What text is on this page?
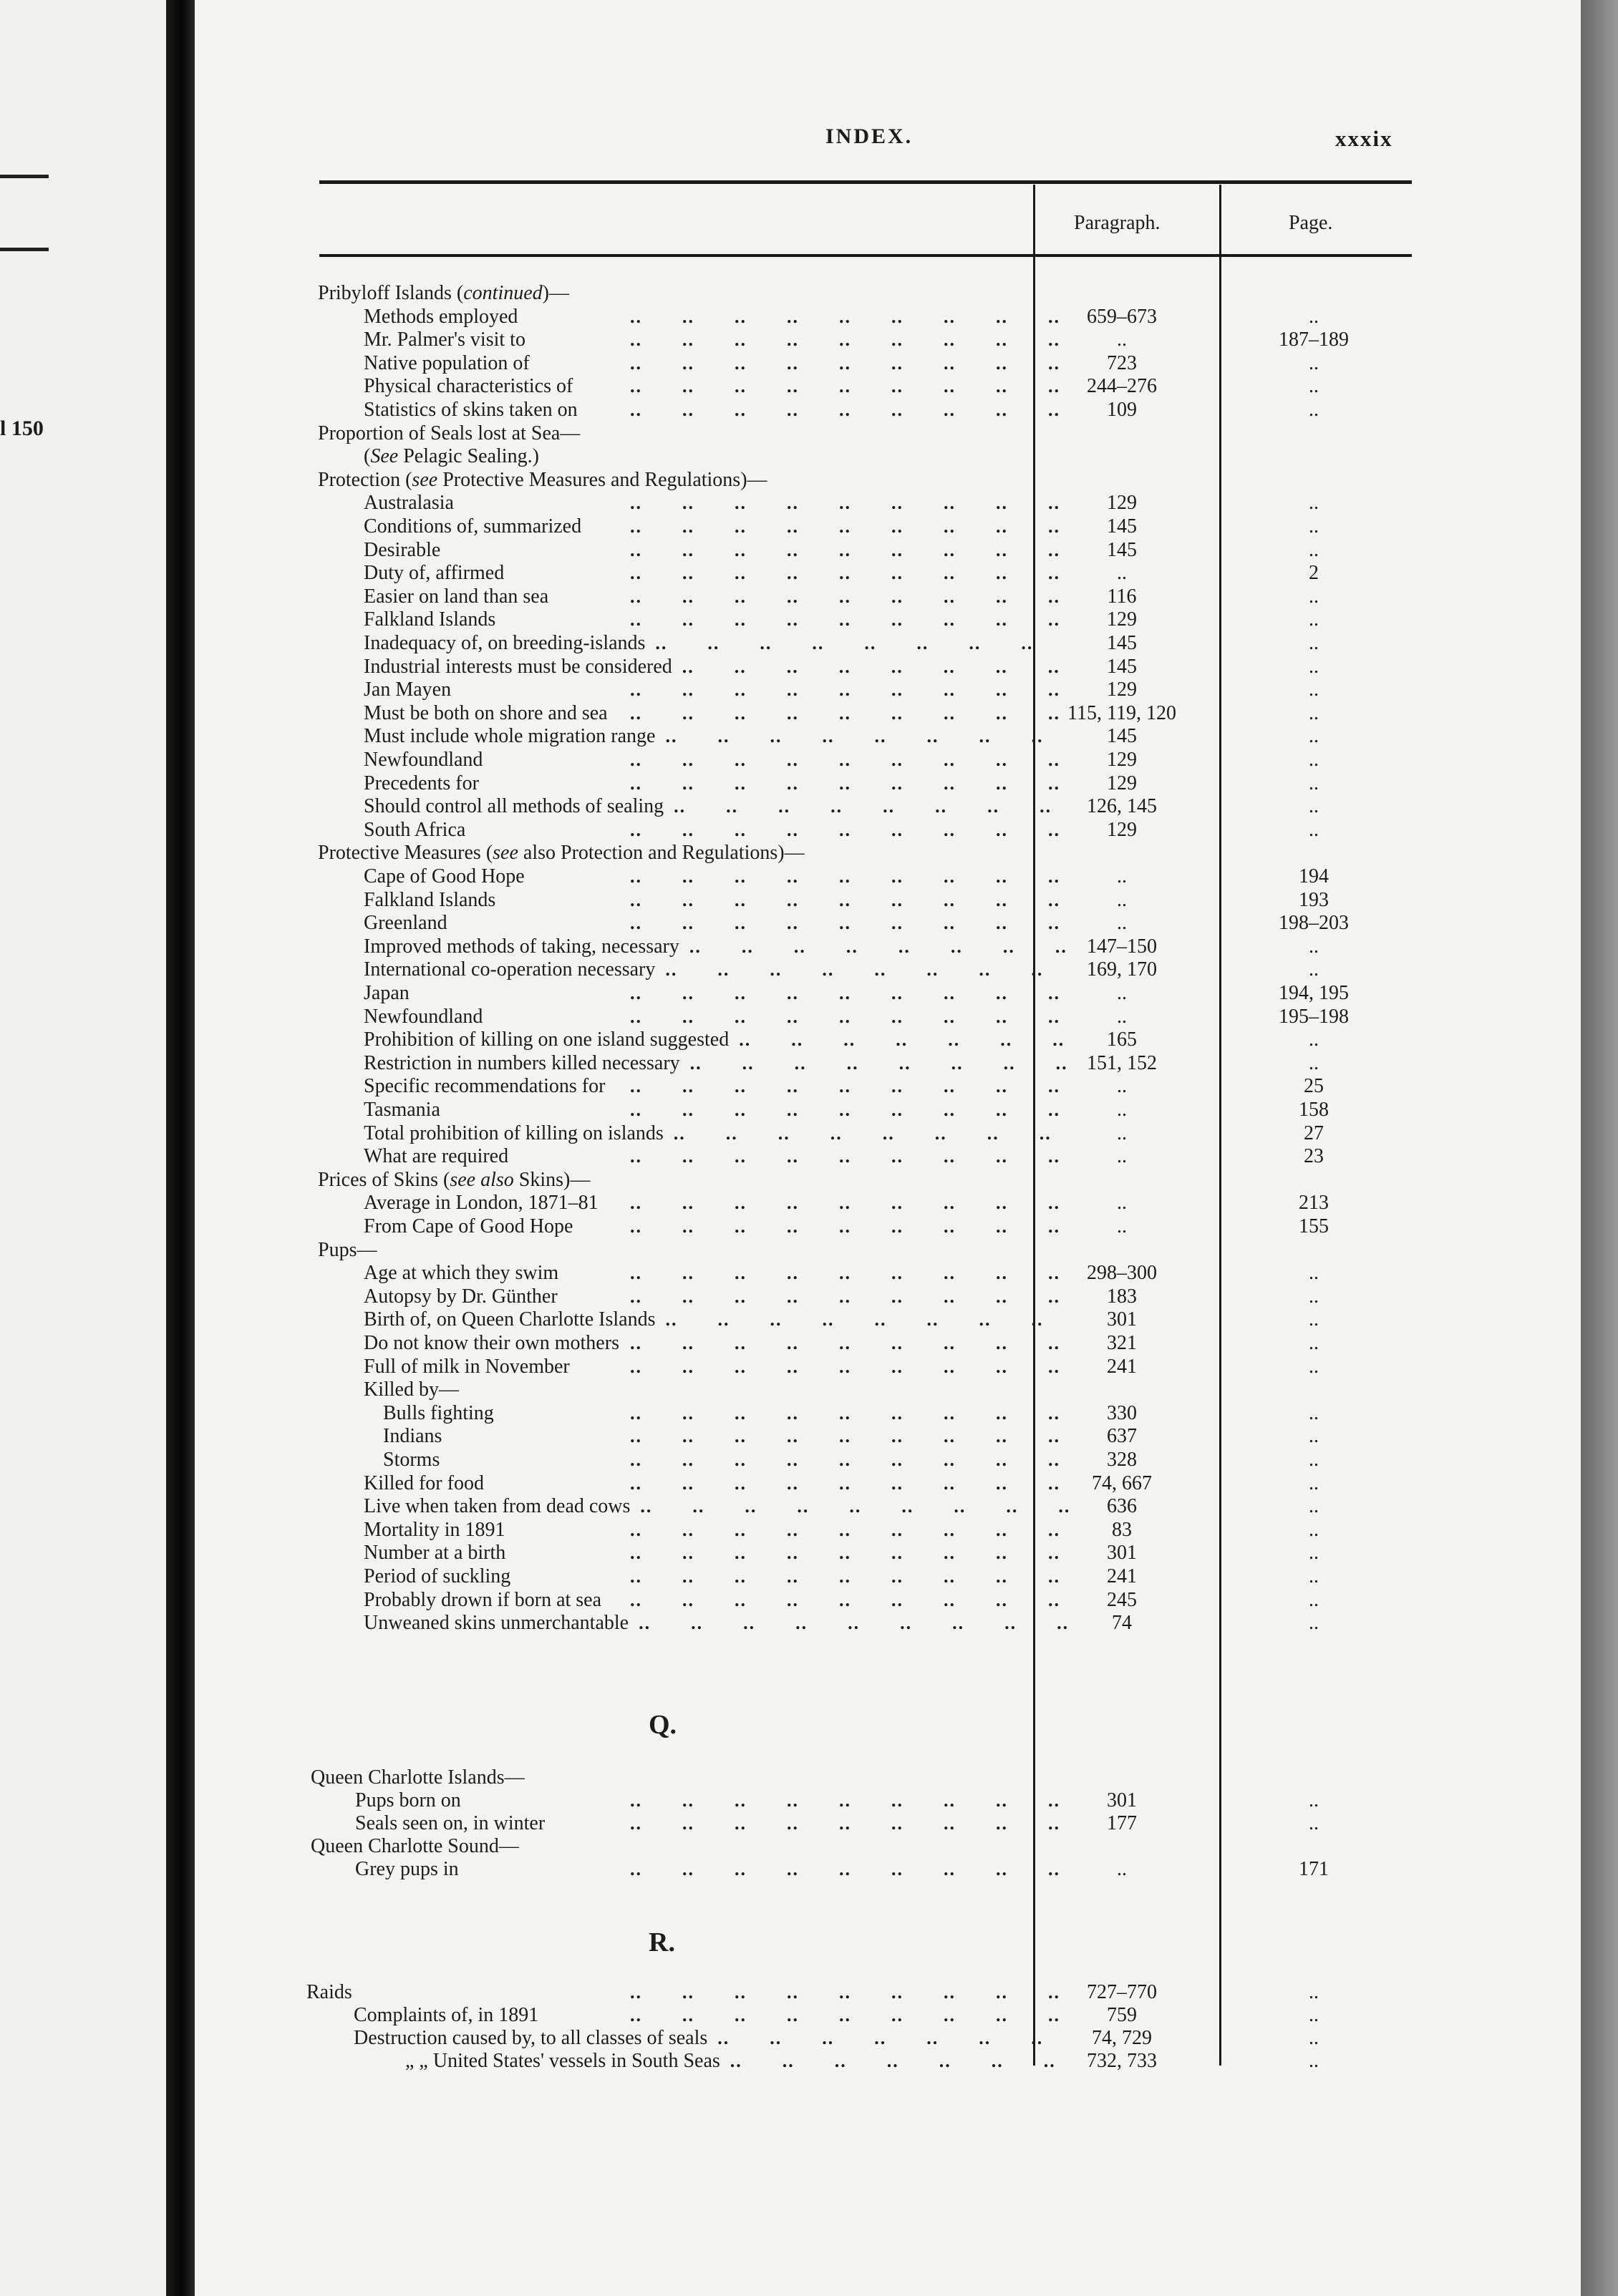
l 150
INDEX.	xxxix
Paragraph.	Page.
Pribyloff Islands (continued)—
Methods employed	..  ..  ..  ..  ..  ..  ..  ..  ..	659–673	..
Mr. Palmer's visit to	..  ..  ..  ..  ..  ..  ..  ..  ..	..	187–189
Native population of	..  ..  ..  ..  ..  ..  ..  ..  ..	723	..
Physical characteristics of	..  ..  ..  ..  ..  ..  ..  ..  ..	244–276	..
Statistics of skins taken on	..  ..  ..  ..  ..  ..  ..  ..  ..	109	..
Proportion of Seals lost at Sea—
(See Pelagic Sealing.)
Protection (see Protective Measures and Regulations)—
Australasia	..  ..  ..  ..  ..  ..  ..  ..  ..	129	..
Conditions of, summarized	..  ..  ..  ..  ..  ..  ..  ..  ..	145	..
Desirable	..  ..  ..  ..  ..  ..  ..  ..  ..	145	..
Duty of, affirmed	..  ..  ..  ..  ..  ..  ..  ..  ..	..	2
Easier on land than sea	..  ..  ..  ..  ..  ..  ..  ..  ..	116	..
Falkland Islands	..  ..  ..  ..  ..  ..  ..  ..  ..	129	..
Inadequacy of, on breeding-islands ..  ..  ..  ..  ..  ..  ..  ..	145	..
Industrial interests must be considered ..  ..  ..  ..  ..  ..  ..  ..	145	..
Jan Mayen	..  ..  ..  ..  ..  ..  ..  ..  ..	129	..
Must be both on shore and sea ..  ..  ..  ..  ..  ..  ..  ..  .. 115, 119, 120	..
Must include whole migration range ..  ..  ..  ..  ..  ..  ..  ..	145	..
Newfoundland	..  ..  ..  ..  ..  ..  ..  ..  ..	129	..
Precedents for	..  ..  ..  ..  ..  ..  ..  ..  ..	129	..
Should control all methods of sealing ..  ..  ..  ..  ..  ..  ..  ..	126, 145	..
South Africa	..  ..  ..  ..  ..  ..  ..  ..  ..	129	..
Protective Measures (see also Protection and Regulations)—
Cape of Good Hope	..  ..  ..  ..  ..  ..  ..  ..  ..	..	194
Falkland Islands	..  ..  ..  ..  ..  ..  ..  ..  ..	..	193
Greenland	..  ..  ..  ..  ..  ..  ..  ..  ..	..	198–203
Improved methods of taking, necessary ..  ..  ..  ..  ..  ..  ..  .. 147–150	..
International co-operation necessary ..  ..  ..  ..  ..  ..  ..  ..	169, 170	..
Japan	..  ..  ..  ..  ..  ..  ..  ..  ..	..	194, 195
Newfoundland	..  ..  ..  ..  ..  ..  ..  ..  ..	..	195–198
Prohibition of killing on one island suggested ..  ..  ..  ..  ..  ..  ..	165	..
Restriction in numbers killed necessary ..  ..  ..  ..  ..  ..  ..  .. 151, 152	..
Specific recommendations for ..  ..  ..  ..  ..  ..  ..  ..  ..	..	25
Tasmania	..  ..  ..  ..  ..  ..  ..  ..  ..	..	158
Total prohibition of killing on islands ..  ..  ..  ..  ..  ..  ..  ..	..	27
What are required	..  ..  ..  ..  ..  ..  ..  ..  ..	..	23
Prices of Skins (see also Skins)—
Average in London, 1871–81 ..  ..  ..  ..  ..  ..  ..  ..  ..	..	213
From Cape of Good Hope	..  ..  ..  ..  ..  ..  ..  ..  ..	..	155
Pups—
Age at which they swim	..  ..  ..  ..  ..  ..  ..  ..  ..	298–300	..
Autopsy by Dr. Günther	..  ..  ..  ..  ..  ..  ..  ..  ..	183	..
Birth of, on Queen Charlotte Islands ..  ..  ..  ..  ..  ..  ..  ..	301	..
Do not know their own mothers ..  ..  ..  ..  ..  ..  ..  ..  ..	321	..
Full of milk in November	..  ..  ..  ..  ..  ..  ..  ..  ..	241	..
Killed by—
Bulls fighting	..  ..  ..  ..  ..  ..  ..  ..  ..	330	..
Indians	..  ..  ..  ..  ..  ..  ..  ..  ..	637	..
Storms	..  ..  ..  ..  ..  ..  ..  ..  ..	328	..
Killed for food	..  ..  ..  ..  ..  ..  ..  ..  ..	74, 667	..
Live when taken from dead cows ..  ..  ..  ..  ..  ..  ..  ..  ..	636	..
Mortality in 1891	..  ..  ..  ..  ..  ..  ..  ..  ..	83	..
Number at a birth	..  ..  ..  ..  ..  ..  ..  ..  ..	301	..
Period of suckling	..  ..  ..  ..  ..  ..  ..  ..  ..	241	..
Probably drown if born at sea ..  ..  ..  ..  ..  ..  ..  ..  ..	245	..
Unweaned skins unmerchantable ..  ..  ..  ..  ..  ..  ..  ..  ..	74	..
Q.
Queen Charlotte Islands—
Pups born on	..  ..  ..  ..  ..  ..  ..  ..  ..	301	..
Seals seen on, in winter	..  ..  ..  ..  ..  ..  ..  ..  ..	177	..
Queen Charlotte Sound—
Grey pups in	..  ..  ..  ..  ..  ..  ..  ..  ..	..	171
R.
Raids	..  ..  ..  ..  ..  ..  ..  ..  ..	727–770	..
Complaints of, in 1891	..  ..  ..  ..  ..  ..  ..  ..  ..	759	..
Destruction caused by, to all classes of seals ..  ..  ..  ..  ..  ..  ..	74, 729	..
„ „ United States' vessels in South Seas ..  ..  ..  ..  ..  ..  ..	732, 733	..
